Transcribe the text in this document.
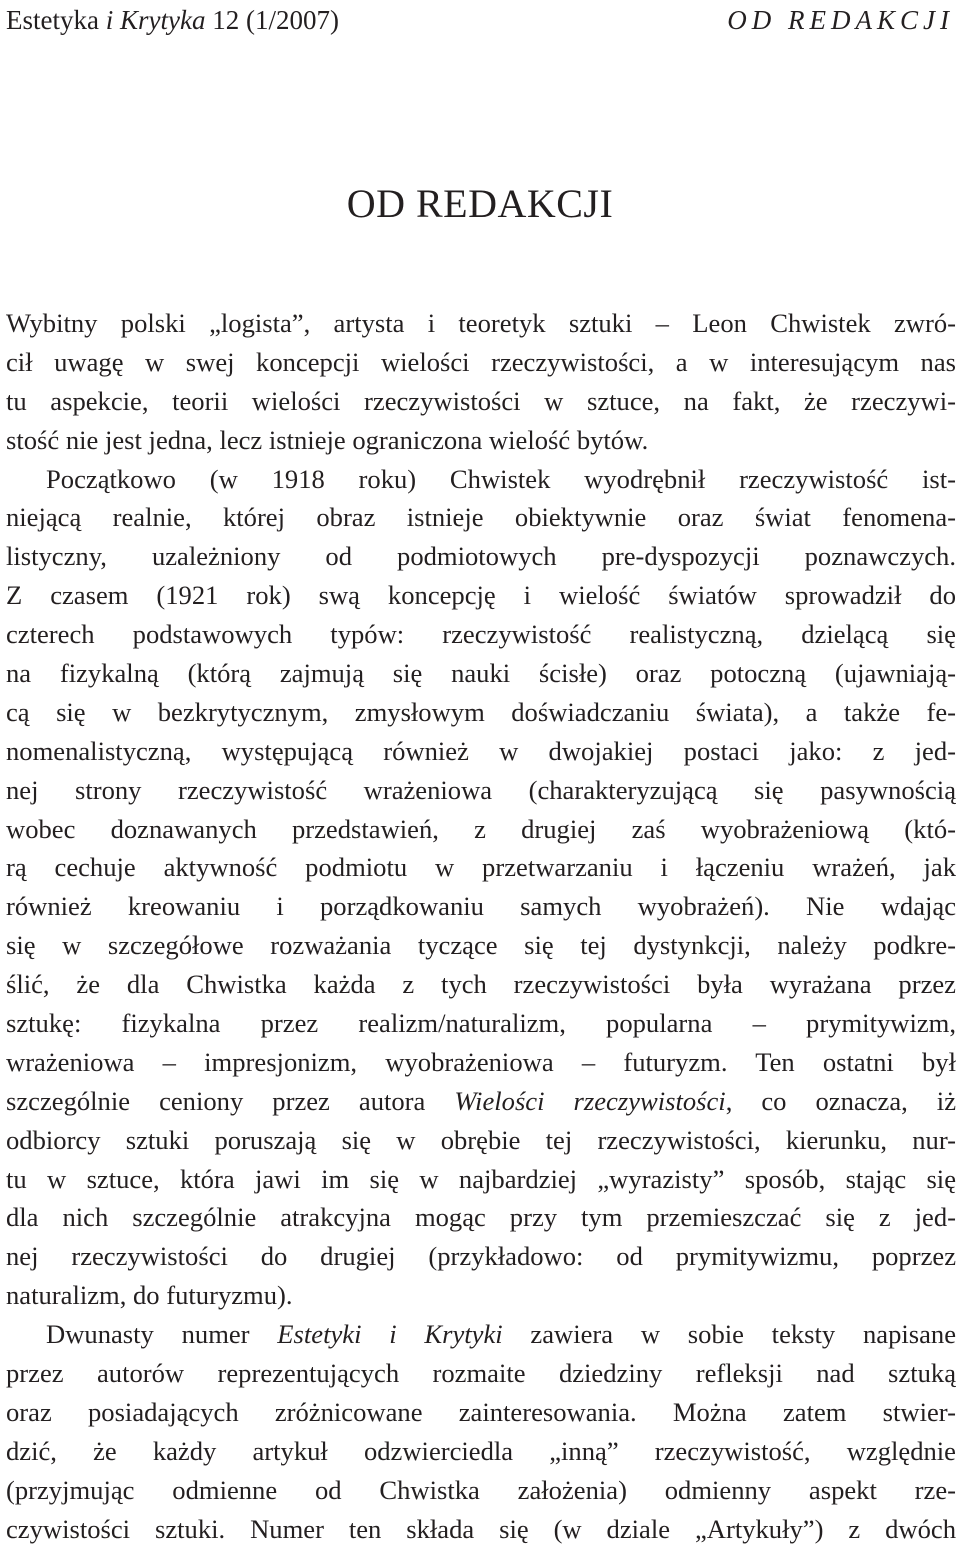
Estetyka i Krytyka 12 (1/2007)	OD REDAKCJI
OD REDAKCJI
Wybitny polski „logista”, artysta i teoretyk sztuki – Leon Chwistek zwró-
cił uwagę w swej koncepcji wielości rzeczywistości, a w interesującym nas
tu aspekcie, teorii wielości rzeczywistości w sztuce, na fakt, że rzeczywi-
stość nie jest jedna, lecz istnieje ograniczona wielość bytów.
Początkowo (w 1918 roku) Chwistek wyodrębnił rzeczywistość ist-
niejącą realnie, której obraz istnieje obiektywnie oraz świat fenomena-
listyczny, uzależniony od podmiotowych pre-dyspozycji poznawczych.
Z czasem (1921 rok) swą koncepcję i wielość światów sprowadził do
czterech podstawowych typów: rzeczywistość realistyczną, dzielącą się
na fizykalną (którą zajmują się nauki ścisłe) oraz potoczną (ujawniają-
cą się w bezkrytycznym, zmysłowym doświadczaniu świata), a także fe-
nomenalistyczną, występującą również w dwojakiej postaci jako: z jed-
nej strony rzeczywistość wrażeniowa (charakteryzującą się pasywnością
wobec doznawanych przedstawień, z drugiej zaś wyobrażeniową (któ-
rą cechuje aktywność podmiotu w przetwarzaniu i łączeniu wrażeń, jak
również kreowaniu i porządkowaniu samych wyobrażeń). Nie wdając
się w szczegółowe rozważania tyczące się tej dystynkcji, należy podkre-
ślić, że dla Chwistka każda z tych rzeczywistości była wyrażana przez
sztukę: fizykalna przez realizm/naturalizm, popularna – prymitywizm,
wrażeniowa – impresjonizm, wyobrażeniowa – futuryzm. Ten ostatni był
szczególnie ceniony przez autora Wielości rzeczywistości, co oznacza, iż
odbiorcy sztuki poruszają się w obrębie tej rzeczywistości, kierunku, nur-
tu w sztuce, która jawi im się w najbardziej „wyrazisty” sposób, stając się
dla nich szczególnie atrakcyjna mogąc przy tym przemieszczać się z jed-
nej rzeczywistości do drugiej (przykładowo: od prymitywizmu, poprzez
naturalizm, do futuryzmu).
Dwunasty numer Estetyki i Krytyki zawiera w sobie teksty napisane
przez autorów reprezentujących rozmaite dziedziny refleksji nad sztuką
oraz posiadających zróżnicowane zainteresowania. Można zatem stwier-
dzić, że każdy artykuł odzwierciedla „inną” rzeczywistość, względnie
(przyjmując odmienne od Chwistka założenia) odmienny aspekt rze-
czywistości sztuki. Numer ten składa się (w dziale „Artykuły”) z dwóch
